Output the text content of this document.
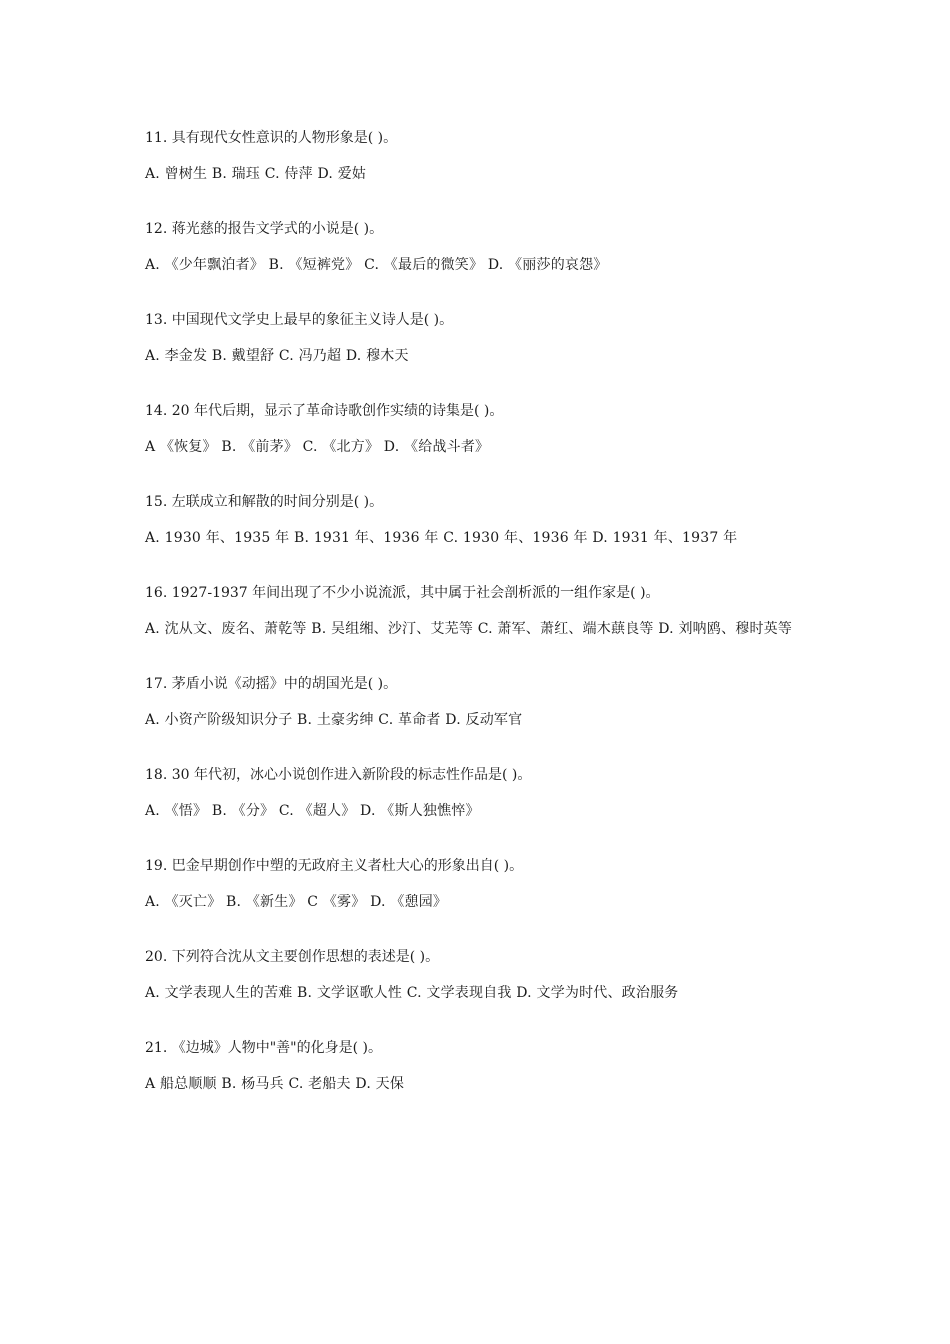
11. 具有现代女性意识的人物形象是( )。

A. 曾树生 B. 瑞珏 C. 侍萍 D. 爱姑

12. 蒋光慈的报告文学式的小说是( )。

A. 《少年飘泊者》 B. 《短裤党》 C. 《最后的微笑》 D. 《丽莎的哀怨》

13. 中国现代文学史上最早的象征主义诗人是( )。

A. 李金发 B. 戴望舒 C. 冯乃超 D. 穆木天

14. 20 年代后期，显示了革命诗歌创作实绩的诗集是( )。

A 《恢复》 B. 《前茅》 C. 《北方》 D. 《给战斗者》

15. 左联成立和解散的时间分别是( )。

A. 1930 年、1935 年 B. 1931 年、1936 年 C. 1930 年、1936 年 D. 1931 年、1937 年

16. 1927-1937 年间出现了不少小说流派，其中属于社会剖析派的一组作家是( )。

A. 沈从文、废名、萧乾等 B. 吴组缃、沙汀、艾芜等 C. 萧军、萧红、端木蕻良等 D. 刘呐鸥、穆时英等

17. 茅盾小说《动摇》中的胡国光是( )。

A. 小资产阶级知识分子 B. 土豪劣绅 C. 革命者 D. 反动军官

18. 30 年代初，冰心小说创作进入新阶段的标志性作品是( )。

A. 《悟》 B. 《分》 C. 《超人》 D. 《斯人独憔悴》

19. 巴金早期创作中塑的无政府主义者杜大心的形象出自( )。

A. 《灭亡》 B. 《新生》 C 《雾》 D. 《憩园》

20. 下列符合沈从文主要创作思想的表述是( )。

A. 文学表现人生的苦难 B. 文学讴歌人性 C. 文学表现自我 D. 文学为时代、政治服务

21. 《边城》人物中"善"的化身是( )。

A 船总顺顺 B. 杨马兵 C. 老船夫 D. 天保
